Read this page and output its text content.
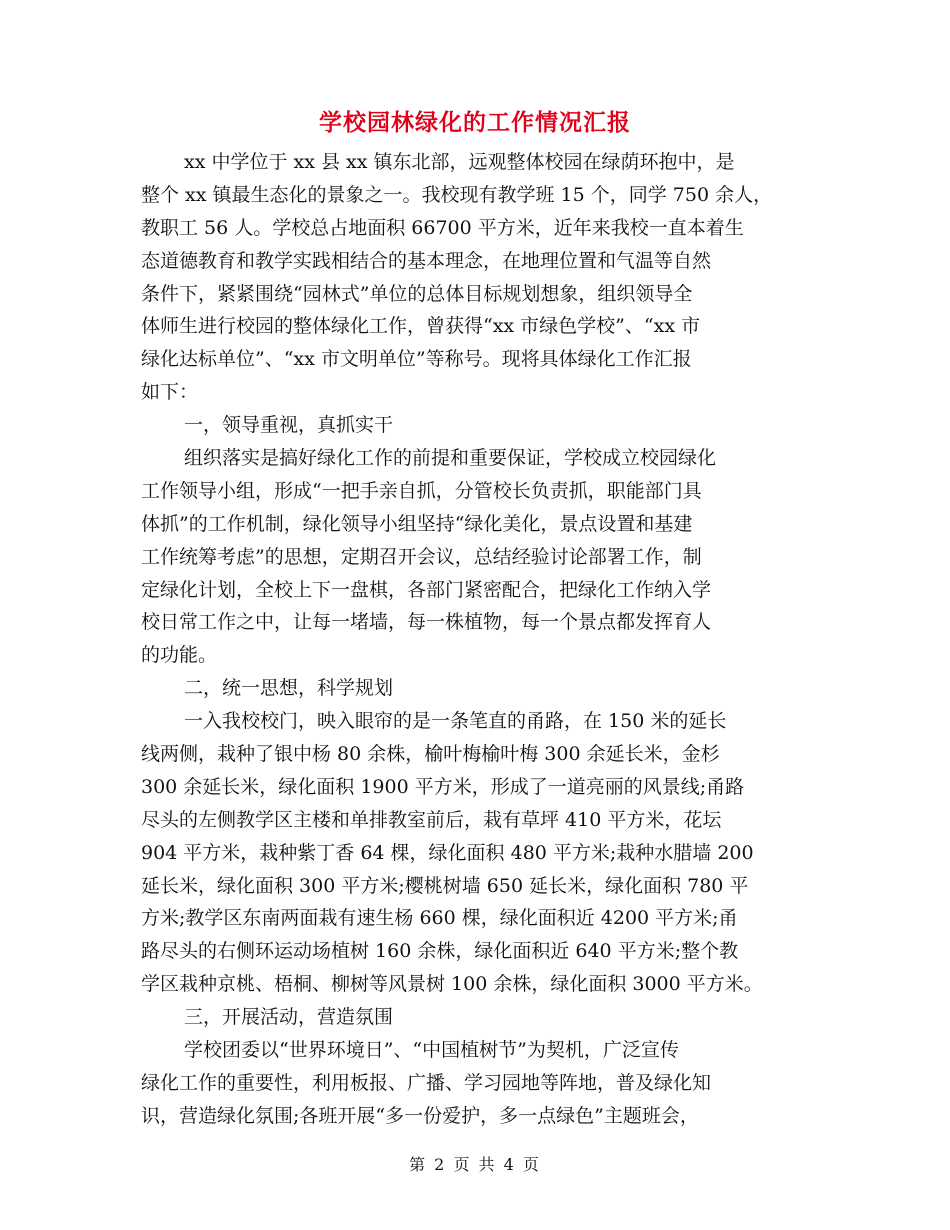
学校园林绿化的工作情况汇报
xx 中学位于 xx 县 xx 镇东北部，远观整体校园在绿荫环抱中，是
整个 xx 镇最生态化的景象之一。我校现有教学班 15 个，同学 750 余人，
教职工 56 人。学校总占地面积 66700 平方米，近年来我校一直本着生
态道德教育和教学实践相结合的基本理念，在地理位置和气温等自然
条件下，紧紧围绕“园林式”单位的总体目标规划想象，组织领导全
体师生进行校园的整体绿化工作，曾获得“xx 市绿色学校”、“xx 市
绿化达标单位”、“xx 市文明单位”等称号。现将具体绿化工作汇报
如下：
一，领导重视，真抓实干
组织落实是搞好绿化工作的前提和重要保证，学校成立校园绿化
工作领导小组，形成“一把手亲自抓，分管校长负责抓，职能部门具
体抓”的工作机制，绿化领导小组坚持“绿化美化，景点设置和基建
工作统筹考虑”的思想，定期召开会议，总结经验讨论部署工作，制
定绿化计划，全校上下一盘棋，各部门紧密配合，把绿化工作纳入学
校日常工作之中，让每一堵墙，每一株植物，每一个景点都发挥育人
的功能。
二，统一思想，科学规划
一入我校校门，映入眼帘的是一条笔直的甬路，在 150 米的延长
线两侧，栽种了银中杨 80 余株，榆叶梅榆叶梅 300 余延长米，金杉
300 余延长米，绿化面积 1900 平方米，形成了一道亮丽的风景线;甬路
尽头的左侧教学区主楼和单排教室前后，栽有草坪 410 平方米，花坛
904 平方米，栽种紫丁香 64 棵，绿化面积 480 平方米;栽种水腊墙 200
延长米，绿化面积 300 平方米;樱桃树墙 650 延长米，绿化面积 780 平
方米;教学区东南两面栽有速生杨 660 棵，绿化面积近 4200 平方米;甬
路尽头的右侧环运动场植树 160 余株，绿化面积近 640 平方米;整个教
学区栽种京桃、梧桐、柳树等风景树 100 余株，绿化面积 3000 平方米。
三，开展活动，营造氛围
学校团委以“世界环境日”、“中国植树节”为契机，广泛宣传
绿化工作的重要性，利用板报、广播、学习园地等阵地，普及绿化知
识，营造绿化氛围;各班开展“多一份爱护，多一点绿色”主题班会，
第 2 页 共 4 页
